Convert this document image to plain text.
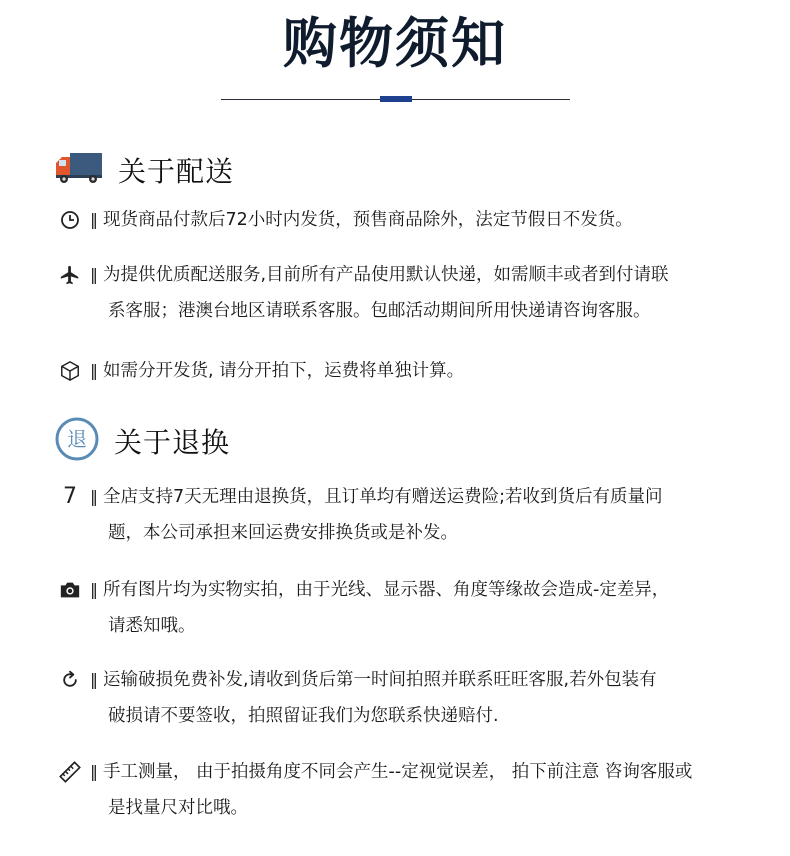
购物须知
关于配送
‖ 现货商品付款后72小时内发货，预售商品除外，法定节假日不发货。
‖ 为提供优质配送服务,目前所有产品使用默认快递，如需顺丰或者到付请联
系客服；港澳台地区请联系客服。包邮活动期间所用快递请咨询客服。
‖ 如需分开发货, 请分开拍下，运费将单独计算。
退 关于退换
7 ‖ 全店支持7天无理由退换货，且订单均有赠送运费险;若收到货后有质量问
题，本公司承担来回运费安排换货或是补发。
‖ 所有图片均为实物实拍，由于光线、显示器、角度等缘故会造成-定差异，
请悉知哦。
‖ 运输破损免费补发,请收到货后第一时间拍照并联系旺旺客服,若外包装有
破损请不要签收，拍照留证我们为您联系快递赔付.
‖ 手工测量， 由于拍摄角度不同会产生--定视觉误差， 拍下前注意 咨询客服或
是找量尺对比哦。
